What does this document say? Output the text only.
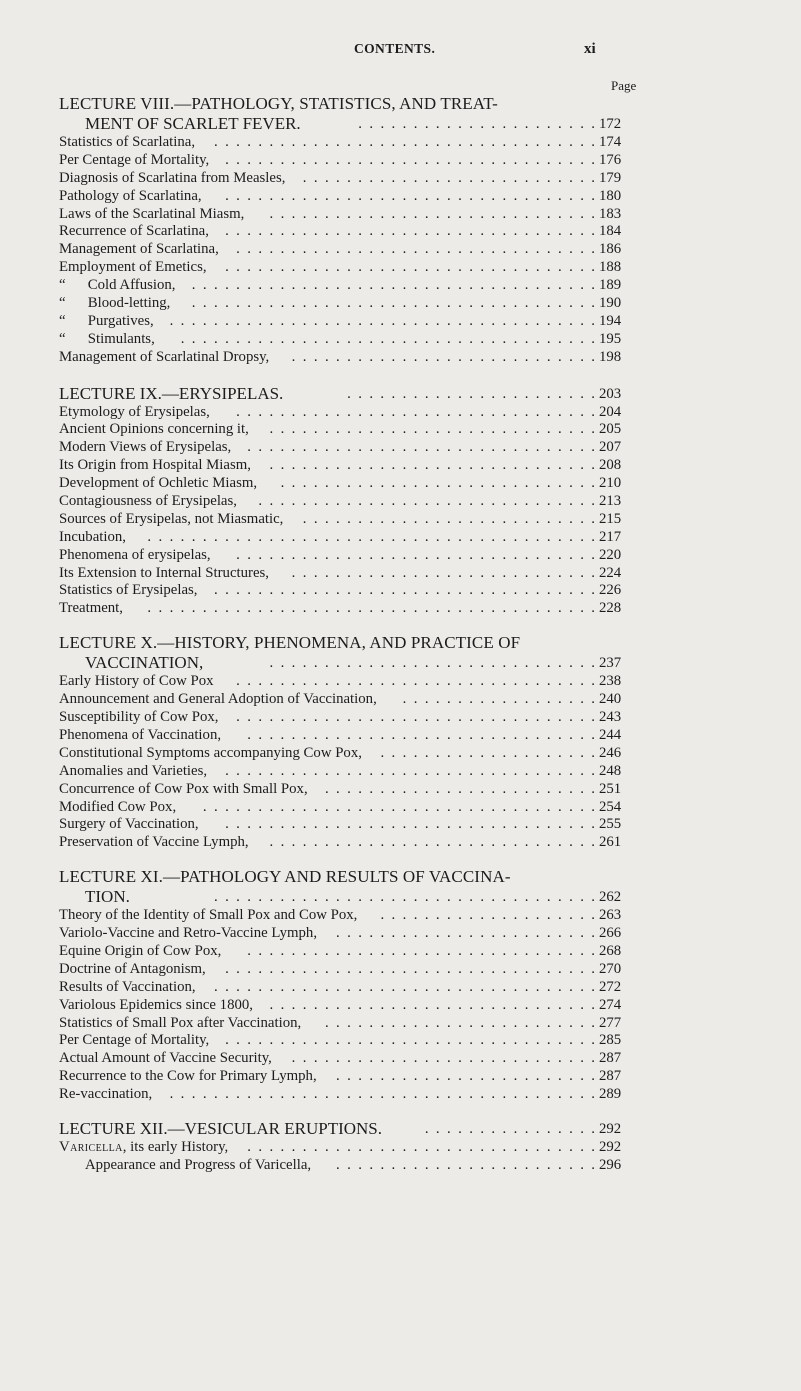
CONTENTS.	xi
Page
LECTURE VIII.—PATHOLOGY, STATISTICS, AND TREAT-
MENT OF SCARLET FEVER.	.  .  .  .  .  .  .  .  .  .  .  .  .  .  .  .  .  .  .  .  .  . 172
Statistics of Scarlatina, .  .  .  .  .  .  .  .  .  .  .  .  .  .  .  .  .  .  .  .  .  .  .  .  .  .  .  .  .  .  .  .  .  .  . 174
Per Centage of Mortality, .  .  .  .  .  .  .  .  .  .  .  .  .  .  .  .  .  .  .  .  .  .  .  .  .  .  .  .  .  .  .  .  .  . 176
Diagnosis of Scarlatina from Measles, .  .  .  .  .  .  .  .  .  .  .  .  .  .  .  .  .  .  .  .  .  .  .  .  .  .  . 179
Pathology of Scarlatina, .  .  .  .  .  .  .  .  .  .  .  .  .  .  .  .  .  .  .  .  .  .  .  .  .  .  .  .  .  .  .  .  .  . 180
Laws of the Scarlatinal Miasm, .  .  .  .  .  .  .  .  .  .  .  .  .  .  .  .  .  .  .  .  .  .  .  .  .  .  .  .  .  . 183
Recurrence of Scarlatina, .  .  .  .  .  .  .  .  .  .  .  .  .  .  .  .  .  .  .  .  .  .  .  .  .  .  .  .  .  .  .  .  .  . 184
Management of Scarlatina, .  .  .  .  .  .  .  .  .  .  .  .  .  .  .  .  .  .  .  .  .  .  .  .  .  .  .  .  .  .  .  .  . 186
Employment of Emetics, .  .  .  .  .  .  .  .  .  .  .  .  .  .  .  .  .  .  .  .  .  .  .  .  .  .  .  .  .  .  .  .  .  . 188
“      Cold Affusion, .  .  .  .  .  .  .  .  .  .  .  .  .  .  .  .  .  .  .  .  .  .  .  .  .  .  .  .  .  .  .  .  .  .  .  .  . 189
“      Blood-letting, .  .  .  .  .  .  .  .  .  .  .  .  .  .  .  .  .  .  .  .  .  .  .  .  .  .  .  .  .  .  .  .  .  .  .  .  . 190
“      Purgatives, .  .  .  .  .  .  .  .  .  .  .  .  .  .  .  .  .  .  .  .  .  .  .  .  .  .  .  .  .  .  .  .  .  .  .  .  .  .  . 194
“      Stimulants, .  .  .  .  .  .  .  .  .  .  .  .  .  .  .  .  .  .  .  .  .  .  .  .  .  .  .  .  .  .  .  .  .  .  .  .  .  . 195
Management of Scarlatinal Dropsy, .  .  .  .  .  .  .  .  .  .  .  .  .  .  .  .  .  .  .  .  .  .  .  .  .  .  .  . 198
LECTURE IX.—ERYSIPELAS.	.  .  .  .  .  .  .  .  .  .  .  .  .  .  .  .  .  .  .  .  .  .  . 203
Etymology of Erysipelas, .  .  .  .  .  .  .  .  .  .  .  .  .  .  .  .  .  .  .  .  .  .  .  .  .  .  .  .  .  .  .  .  . 204
Ancient Opinions concerning it, .  .  .  .  .  .  .  .  .  .  .  .  .  .  .  .  .  .  .  .  .  .  .  .  .  .  .  .  .  . 205
Modern Views of Erysipelas, .  .  .  .  .  .  .  .  .  .  .  .  .  .  .  .  .  .  .  .  .  .  .  .  .  .  .  .  .  .  .  . 207
Its Origin from Hospital Miasm, .  .  .  .  .  .  .  .  .  .  .  .  .  .  .  .  .  .  .  .  .  .  .  .  .  .  .  .  .  . 208
Development of Ochletic Miasm, .  .  .  .  .  .  .  .  .  .  .  .  .  .  .  .  .  .  .  .  .  .  .  .  .  .  .  .  . 210
Contagiousness of Erysipelas, .  .  .  .  .  .  .  .  .  .  .  .  .  .  .  .  .  .  .  .  .  .  .  .  .  .  .  .  .  .  . 213
Sources of Erysipelas, not Miasmatic, .  .  .  .  .  .  .  .  .  .  .  .  .  .  .  .  .  .  .  .  .  .  .  .  .  .  . 215
Incubation, .  .  .  .  .  .  .  .  .  .  .  .  .  .  .  .  .  .  .  .  .  .  .  .  .  .  .  .  .  .  .  .  .  .  .  .  .  .  .  .  . 217
Phenomena of erysipelas, .  .  .  .  .  .  .  .  .  .  .  .  .  .  .  .  .  .  .  .  .  .  .  .  .  .  .  .  .  .  .  .  . 220
Its Extension to Internal Structures, .  .  .  .  .  .  .  .  .  .  .  .  .  .  .  .  .  .  .  .  .  .  .  .  .  .  .  . 224
Statistics of Erysipelas, .  .  .  .  .  .  .  .  .  .  .  .  .  .  .  .  .  .  .  .  .  .  .  .  .  .  .  .  .  .  .  .  .  .  . 226
Treatment, .  .  .  .  .  .  .  .  .  .  .  .  .  .  .  .  .  .  .  .  .  .  .  .  .  .  .  .  .  .  .  .  .  .  .  .  .  .  .  .  . 228
LECTURE X.—HISTORY, PHENOMENA, AND PRACTICE OF
VACCINATION,	.  .  .  .  .  .  .  .  .  .  .  .  .  .  .  .  .  .  .  .  .  .  .  .  .  .  .  .  .  . 237
Early History of Cow Pox .  .  .  .  .  .  .  .  .  .  .  .  .  .  .  .  .  .  .  .  .  .  .  .  .  .  .  .  .  .  .  .  . 238
Announcement and General Adoption of Vaccination, .  .  .  .  .  .  .  .  .  .  .  .  .  .  .  .  .  . 240
Susceptibility of Cow Pox, .  .  .  .  .  .  .  .  .  .  .  .  .  .  .  .  .  .  .  .  .  .  .  .  .  .  .  .  .  .  .  .  . 243
Phenomena of Vaccination, .  .  .  .  .  .  .  .  .  .  .  .  .  .  .  .  .  .  .  .  .  .  .  .  .  .  .  .  .  .  .  . 244
Constitutional Symptoms accompanying Cow Pox, .  .  .  .  .  .  .  .  .  .  .  .  .  .  .  .  .  .  .  . 246
Anomalies and Varieties, .  .  .  .  .  .  .  .  .  .  .  .  .  .  .  .  .  .  .  .  .  .  .  .  .  .  .  .  .  .  .  .  .  . 248
Concurrence of Cow Pox with Small Pox, .  .  .  .  .  .  .  .  .  .  .  .  .  .  .  .  .  .  .  .  .  .  .  .  . 251
Modified Cow Pox, .  .  .  .  .  .  .  .  .  .  .  .  .  .  .  .  .  .  .  .  .  .  .  .  .  .  .  .  .  .  .  .  .  .  .  . 254
Surgery of Vaccination, .  .  .  .  .  .  .  .  .  .  .  .  .  .  .  .  .  .  .  .  .  .  .  .  .  .  .  .  .  .  .  .  .  . 255
Preservation of Vaccine Lymph, .  .  .  .  .  .  .  .  .  .  .  .  .  .  .  .  .  .  .  .  .  .  .  .  .  .  .  .  .  . 261
LECTURE XI.—PATHOLOGY AND RESULTS OF VACCINA-
TION.	.  .  .  .  .  .  .  .  .  .  .  .  .  .  .  .  .  .  .  .  .  .  .  .  .  .  .  .  .  .  .  .  .  .  . 262
Theory of the Identity of Small Pox and Cow Pox, .  .  .  .  .  .  .  .  .  .  .  .  .  .  .  .  .  .  .  . 263
Variolo-Vaccine and Retro-Vaccine Lymph, .  .  .  .  .  .  .  .  .  .  .  .  .  .  .  .  .  .  .  .  .  .  .  . 266
Equine Origin of Cow Pox, .  .  .  .  .  .  .  .  .  .  .  .  .  .  .  .  .  .  .  .  .  .  .  .  .  .  .  .  .  .  .  . 268
Doctrine of Antagonism, .  .  .  .  .  .  .  .  .  .  .  .  .  .  .  .  .  .  .  .  .  .  .  .  .  .  .  .  .  .  .  .  .  . 270
Results of Vaccination, .  .  .  .  .  .  .  .  .  .  .  .  .  .  .  .  .  .  .  .  .  .  .  .  .  .  .  .  .  .  .  .  .  .  . 272
Variolous Epidemics since 1800, .  .  .  .  .  .  .  .  .  .  .  .  .  .  .  .  .  .  .  .  .  .  .  .  .  .  .  .  .  . 274
Statistics of Small Pox after Vaccination, .  .  .  .  .  .  .  .  .  .  .  .  .  .  .  .  .  .  .  .  .  .  .  .  . 277
Per Centage of Mortality, .  .  .  .  .  .  .  .  .  .  .  .  .  .  .  .  .  .  .  .  .  .  .  .  .  .  .  .  .  .  .  .  .  . 285
Actual Amount of Vaccine Security, .  .  .  .  .  .  .  .  .  .  .  .  .  .  .  .  .  .  .  .  .  .  .  .  .  .  .  . 287
Recurrence to the Cow for Primary Lymph, .  .  .  .  .  .  .  .  .  .  .  .  .  .  .  .  .  .  .  .  .  .  .  . 287
Re-vaccination, .  .  .  .  .  .  .  .  .  .  .  .  .  .  .  .  .  .  .  .  .  .  .  .  .  .  .  .  .  .  .  .  .  .  .  .  .  .  . 289
LECTURE XII.—VESICULAR ERUPTIONS.	.  .  .  .  .  .  .  .  .  .  .  .  .  .  .  . 292
Varicella, its early History, .  .  .  .  .  .  .  .  .  .  .  .  .  .  .  .  .  .  .  .  .  .  .  .  .  .  .  .  .  .  .  . 292
Appearance and Progress of Varicella, .  .  .  .  .  .  .  .  .  .  .  .  .  .  .  .  .  .  .  .  .  .  .  . 296
